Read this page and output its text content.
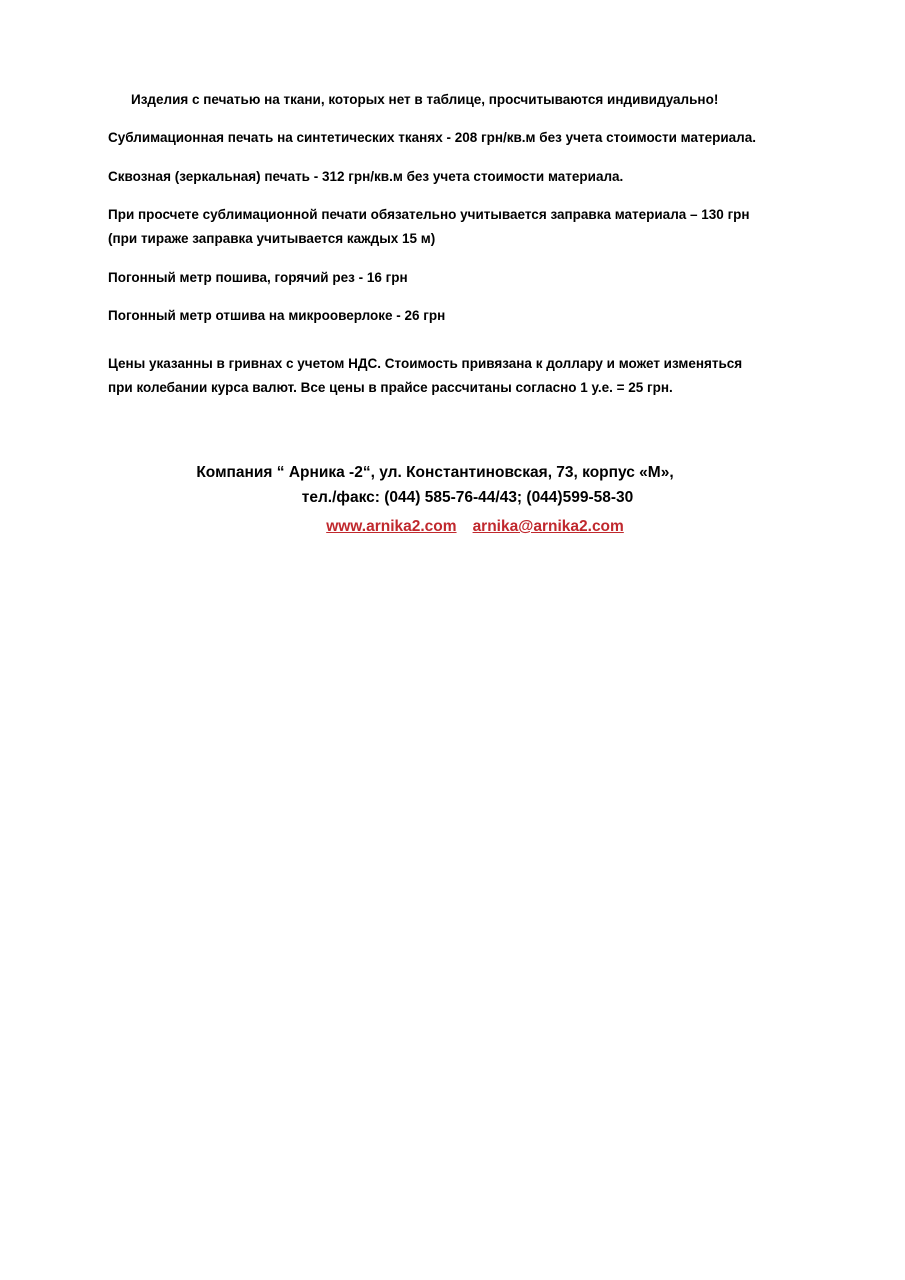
Изделия с печатью на ткани, которых нет в таблице, просчитываются индивидуально!

Сублимационная печать на синтетических тканях - 208 грн/кв.м без учета стоимости материала.

Сквозная (зеркальная) печать - 312 грн/кв.м без учета стоимости материала.

При просчете сублимационной печати обязательно учитывается заправка материала – 130 грн

(при тираже заправка учитывается каждых 15 м)

Погонный метр пошива, горячий рез - 16 грн

Погонный метр отшива на микрооверлоке - 26 грн

Цены указанны в гривнах с учетом НДС. Стоимость привязана к доллару и может изменяться

при колебании курса валют. Все цены в прайсе рассчитаны согласно 1 у.е. = 25 грн.

Компания “ Арника -2“, ул. Константиновская, 73, корпус «М»,
тел./факс: (044) 585-76-44/43; (044)599-58-30
www.arnika2.com arnika@arnika2.com
